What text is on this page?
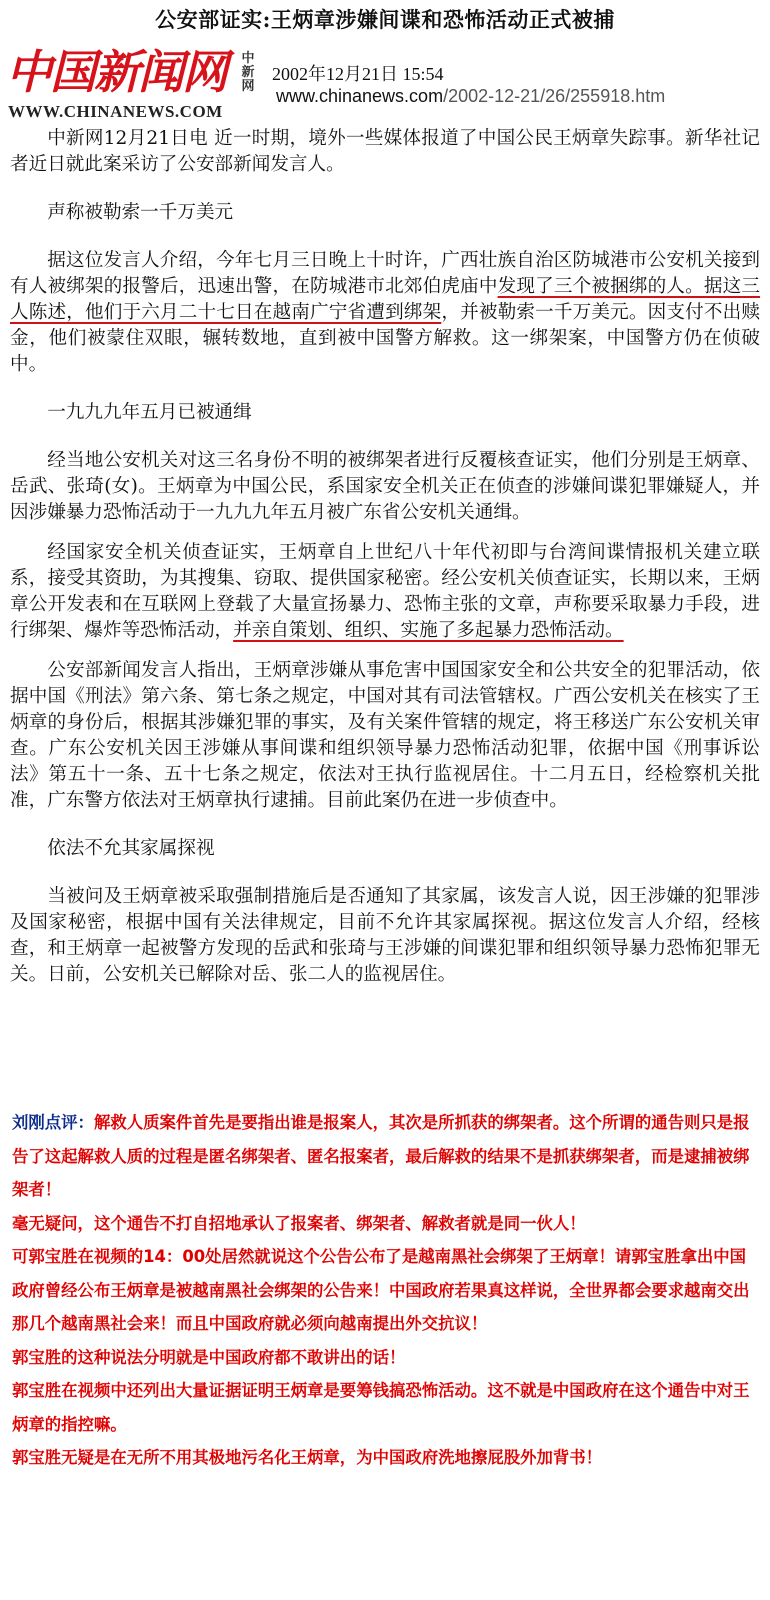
公安部证实:王炳章涉嫌间谍和恐怖活动正式被捕
中国新闻网
WWW.CHINANEWS.COM
中新网
2002年12月21日 15:54
www.chinanews.com/2002-12-21/26/255918.htm

中新网12月21日电 近一时期，境外一些媒体报道了中国公民王炳章失踪事。新华社记者近日就此案采访了公安部新闻发言人。

声称被勒索一千万美元

据这位发言人介绍，今年七月三日晚上十时许，广西壮族自治区防城港市公安机关接到有人被绑架的报警后，迅速出警，在防城港市北郊伯虎庙中发现了三个被捆绑的人。据这三人陈述，他们于六月二十七日在越南广宁省遭到绑架，并被勒索一千万美元。因支付不出赎金，他们被蒙住双眼，辗转数地，直到被中国警方解救。这一绑架案，中国警方仍在侦破中。

一九九九年五月已被通缉

经当地公安机关对这三名身份不明的被绑架者进行反覆核查证实，他们分别是王炳章、岳武、张琦(女)。王炳章为中国公民，系国家安全机关正在侦查的涉嫌间谍犯罪嫌疑人，并因涉嫌暴力恐怖活动于一九九九年五月被广东省公安机关通缉。

经国家安全机关侦查证实，王炳章自上世纪八十年代初即与台湾间谍情报机关建立联系，接受其资助，为其搜集、窃取、提供国家秘密。经公安机关侦查证实，长期以来，王炳章公开发表和在互联网上登载了大量宣扬暴力、恐怖主张的文章，声称要采取暴力手段，进行绑架、爆炸等恐怖活动，并亲自策划、组织、实施了多起暴力恐怖活动。

公安部新闻发言人指出，王炳章涉嫌从事危害中国国家安全和公共安全的犯罪活动，依据中国《刑法》第六条、第七条之规定，中国对其有司法管辖权。广西公安机关在核实了王炳章的身份后，根据其涉嫌犯罪的事实，及有关案件管辖的规定，将王移送广东公安机关审查。广东公安机关因王涉嫌从事间谍和组织领导暴力恐怖活动犯罪，依据中国《刑事诉讼法》第五十一条、五十七条之规定，依法对王执行监视居住。十二月五日，经检察机关批准，广东警方依法对王炳章执行逮捕。目前此案仍在进一步侦查中。

依法不允其家属探视

当被问及王炳章被采取强制措施后是否通知了其家属，该发言人说，因王涉嫌的犯罪涉及国家秘密，根据中国有关法律规定，目前不允许其家属探视。据这位发言人介绍，经核查，和王炳章一起被警方发现的岳武和张琦与王涉嫌的间谍犯罪和组织领导暴力恐怖犯罪无关。日前，公安机关已解除对岳、张二人的监视居住。

刘刚点评：解救人质案件首先是要指出谁是报案人，其次是所抓获的绑架者。这个所谓的通告则只是报告了这起解救人质的过程是匿名绑架者、匿名报案者，最后解救的结果不是抓获绑架者，而是逮捕被绑架者！

毫无疑问，这个通告不打自招地承认了报案者、绑架者、解救者就是同一伙人！

可郭宝胜在视频的14：00处居然就说这个公告公布了是越南黑社会绑架了王炳章！请郭宝胜拿出中国政府曾经公布王炳章是被越南黑社会绑架的公告来！中国政府若果真这样说，全世界都会要求越南交出那几个越南黑社会来！而且中国政府就必须向越南提出外交抗议！

郭宝胜的这种说法分明就是中国政府都不敢讲出的话！

郭宝胜在视频中还列出大量证据证明王炳章是要筹钱搞恐怖活动。这不就是中国政府在这个通告中对王炳章的指控嘛。

郭宝胜无疑是在无所不用其极地污名化王炳章，为中国政府洗地擦屁股外加背书！
